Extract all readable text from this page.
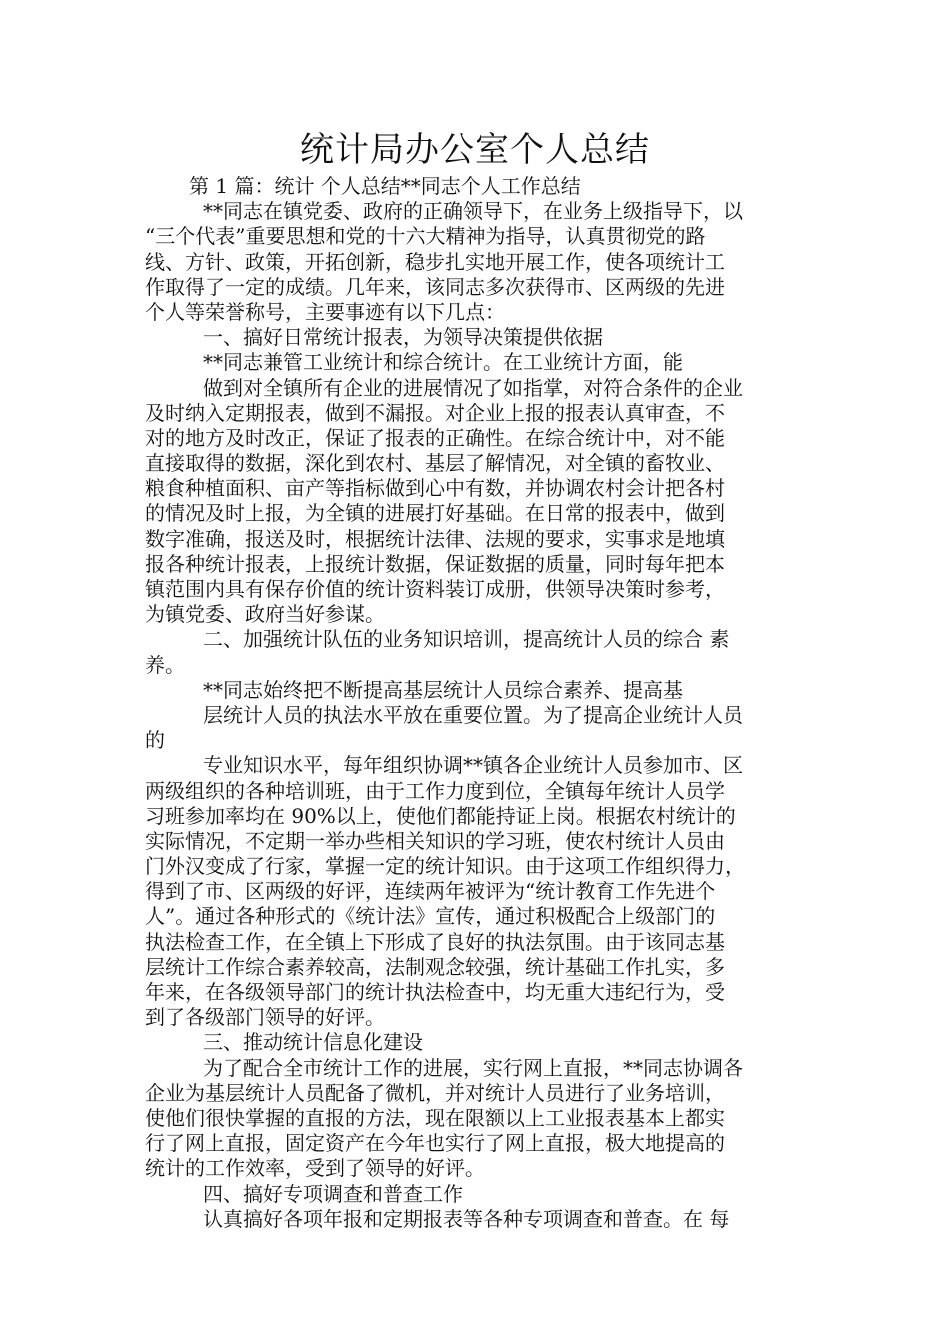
统计局办公室个人总结
第 1 篇：统计 个人总结**同志个人工作总结
**同志在镇党委、政府的正确领导下，在业务上级指导下，以
“三个代表”重要思想和党的十六大精神为指导，认真贯彻党的路
线、方针、政策，开拓创新，稳步扎实地开展工作，使各项统计工
作取得了一定的成绩。几年来，该同志多次获得市、区两级的先进
个人等荣誉称号，主要事迹有以下几点：
一、搞好日常统计报表，为领导决策提供依据
**同志兼管工业统计和综合统计。在工业统计方面，能
做到对全镇所有企业的进展情况了如指掌，对符合条件的企业
及时纳入定期报表，做到不漏报。对企业上报的报表认真审查，不
对的地方及时改正，保证了报表的正确性。在综合统计中，对不能
直接取得的数据，深化到农村、基层了解情况，对全镇的畜牧业、
粮食种植面积、亩产等指标做到心中有数，并协调农村会计把各村
的情况及时上报，为全镇的进展打好基础。在日常的报表中，做到
数字准确，报送及时，根据统计法律、法规的要求，实事求是地填
报各种统计报表，上报统计数据，保证数据的质量，同时每年把本
镇范围内具有保存价值的统计资料装订成册，供领导决策时参考，
为镇党委、政府当好参谋。
二、加强统计队伍的业务知识培训，提高统计人员的综合 素
养。
**同志始终把不断提高基层统计人员综合素养、提高基
层统计人员的执法水平放在重要位置。为了提高企业统计人员
的
专业知识水平，每年组织协调**镇各企业统计人员参加市、区
两级组织的各种培训班，由于工作力度到位，全镇每年统计人员学
习班参加率均在 90%以上，使他们都能持证上岗。根据农村统计的
实际情况，不定期一举办些相关知识的学习班，使农村统计人员由
门外汉变成了行家，掌握一定的统计知识。由于这项工作组织得力，
得到了市、区两级的好评，连续两年被评为“统计教育工作先进个
人”。通过各种形式的《统计法》宣传，通过积极配合上级部门的
执法检查工作，在全镇上下形成了良好的执法氛围。由于该同志基
层统计工作综合素养较高，法制观念较强，统计基础工作扎实，多
年来，在各级领导部门的统计执法检查中，均无重大违纪行为，受
到了各级部门领导的好评。
三、推动统计信息化建设
为了配合全市统计工作的进展，实行网上直报，**同志协调各
企业为基层统计人员配备了微机，并对统计人员进行了业务培训，
使他们很快掌握的直报的方法，现在限额以上工业报表基本上都实
行了网上直报，固定资产在今年也实行了网上直报，极大地提高的
统计的工作效率，受到了领导的好评。
四、搞好专项调查和普查工作
认真搞好各项年报和定期报表等各种专项调查和普查。在 每
